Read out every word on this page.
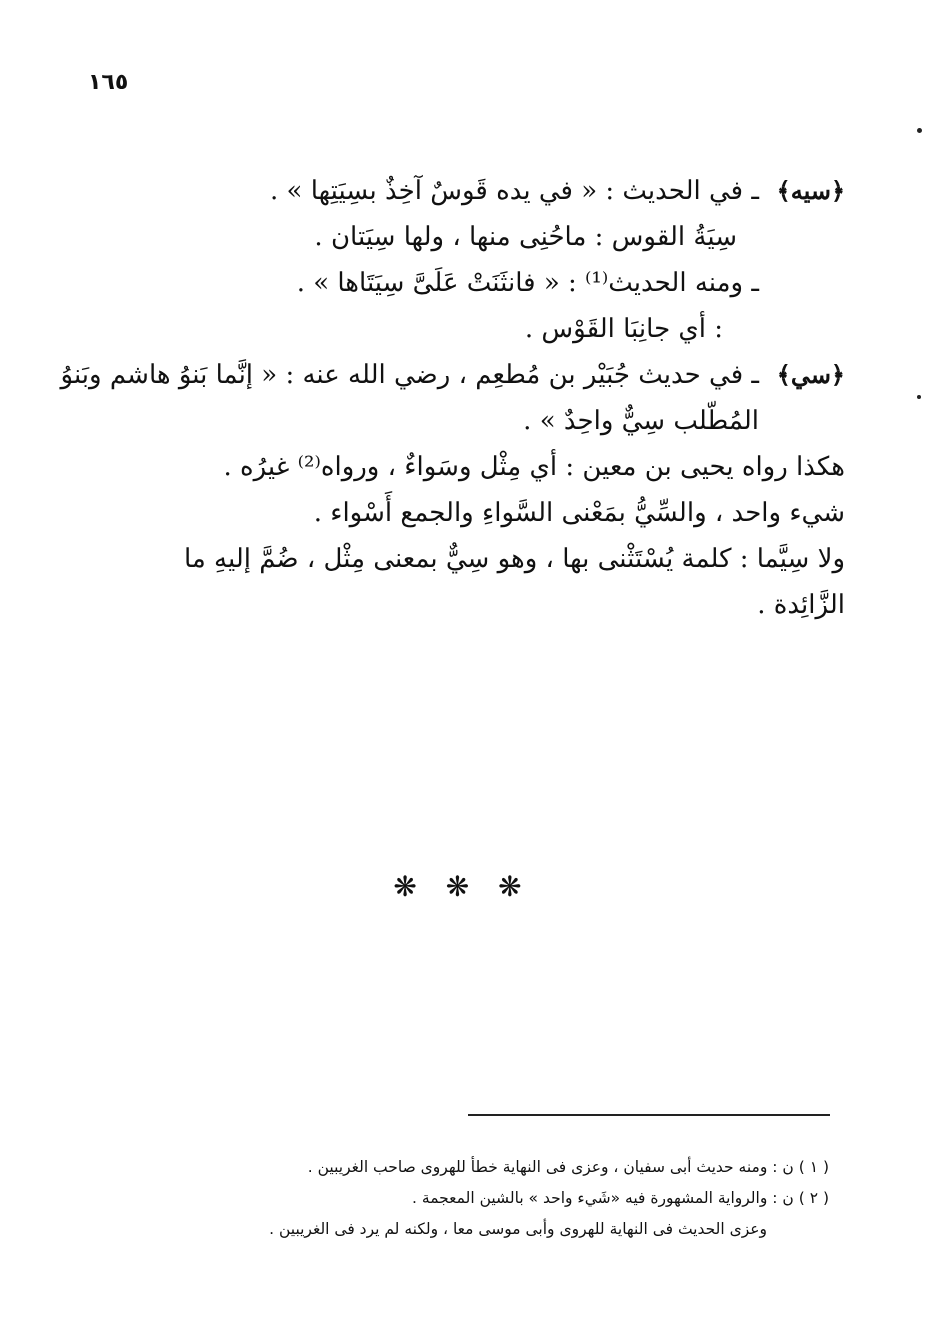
١٦٥
﴿سيه﴾
ـ في الحديث : « في يده قَوسٌ آخِذٌ بسِيَتِها » .
سِيَةُ القوس : ماحُنِى منها ، ولها سِيَتان .
ـ ومنه الحديث⁽¹⁾ : « فانثَنَتْ عَلَىَّ سِيَتَاها » .
: أي جانِبَا القَوْس .
﴿سي﴾
ـ في حديث جُبَيْر بن مُطعِم ، رضي الله عنه : « إنَّما بَنوُ هاشم وبَنوُ
المُطّلب سِيٌّ واحِدٌ » .
هكذا رواه يحيى بن معين : أي مِثْل وسَواءٌ ، ورواه⁽²⁾ غيرُه .
شيء واحد ، والسِّيُّ بمَعْنى السَّواءِ والجمع أَسْواء .
ولا سِيَّما : كلمة يُسْتَثْنى بها ، وهو سِيٌّ بمعنى مِثْل ، ضُمَّ إليهِ ما
الزَّائِدة .
❋ ❋ ❋
( ١ ) ن : ومنه حديث أبى سفيان ، وعزى فى النهاية خطأ للهروى صاحب الغريبين .
( ٢ ) ن : والرواية المشهورة فيه «شَيء واحد » بالشين المعجمة .
وعزى الحديث فى النهاية للهروى وأبى موسى معا ، ولكنه لم يرد فى الغريبين .
